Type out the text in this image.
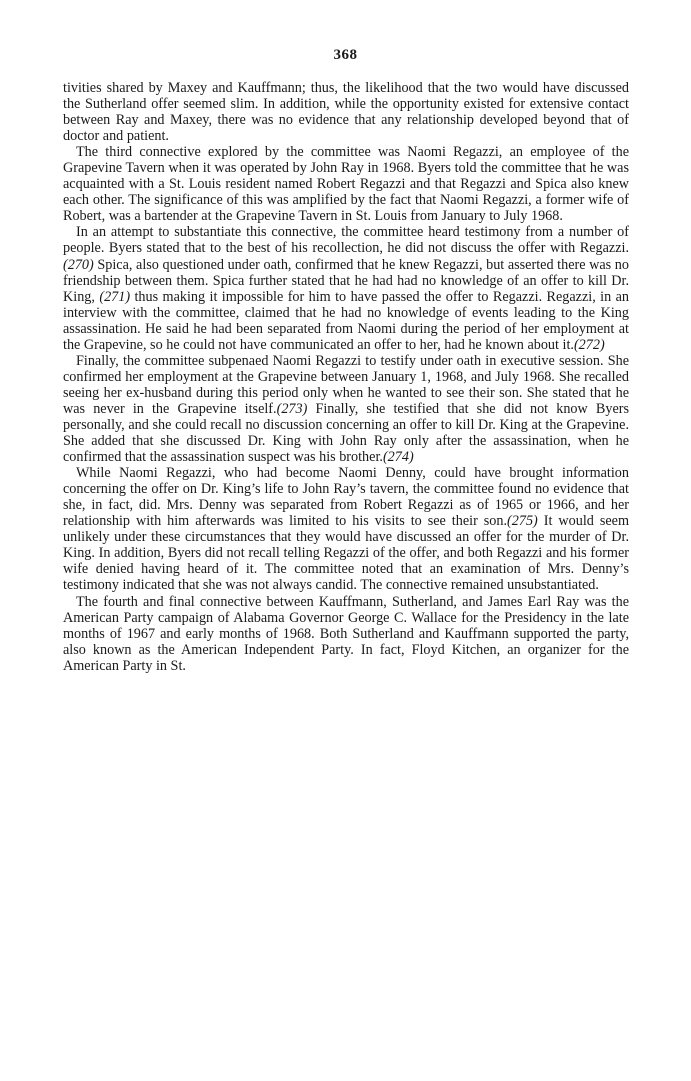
368

tivities shared by Maxey and Kauffmann; thus, the likelihood that the two would have discussed the Sutherland offer seemed slim. In addition, while the opportunity existed for extensive contact between Ray and Maxey, there was no evidence that any relationship developed beyond that of doctor and patient.

The third connective explored by the committee was Naomi Regazzi, an employee of the Grapevine Tavern when it was operated by John Ray in 1968. Byers told the committee that he was acquainted with a St. Louis resident named Robert Regazzi and that Regazzi and Spica also knew each other. The significance of this was amplified by the fact that Naomi Regazzi, a former wife of Robert, was a bartender at the Grapevine Tavern in St. Louis from January to July 1968.

In an attempt to substantiate this connective, the committee heard testimony from a number of people. Byers stated that to the best of his recollection, he did not discuss the offer with Regazzi.(270) Spica, also questioned under oath, confirmed that he knew Regazzi, but asserted there was no friendship between them. Spica further stated that he had had no knowledge of an offer to kill Dr. King, (271) thus making it impossible for him to have passed the offer to Regazzi. Regazzi, in an interview with the committee, claimed that he had no knowledge of events leading to the King assassination. He said he had been separated from Naomi during the period of her employment at the Grapevine, so he could not have communicated an offer to her, had he known about it.(272)

Finally, the committee subpenaed Naomi Regazzi to testify under oath in executive session. She confirmed her employment at the Grapevine between January 1, 1968, and July 1968. She recalled seeing her ex-husband during this period only when he wanted to see their son. She stated that he was never in the Grapevine itself.(273) Finally, she testified that she did not know Byers personally, and she could recall no discussion concerning an offer to kill Dr. King at the Grapevine. She added that she discussed Dr. King with John Ray only after the assassination, when he confirmed that the assassination suspect was his brother.(274)

While Naomi Regazzi, who had become Naomi Denny, could have brought information concerning the offer on Dr. King’s life to John Ray’s tavern, the committee found no evidence that she, in fact, did. Mrs. Denny was separated from Robert Regazzi as of 1965 or 1966, and her relationship with him afterwards was limited to his visits to see their son.(275) It would seem unlikely under these circumstances that they would have discussed an offer for the murder of Dr. King. In addition, Byers did not recall telling Regazzi of the offer, and both Regazzi and his former wife denied having heard of it. The committee noted that an examination of Mrs. Denny’s testimony indicated that she was not always candid. The connective remained unsubstantiated.

The fourth and final connective between Kauffmann, Sutherland, and James Earl Ray was the American Party campaign of Alabama Governor George C. Wallace for the Presidency in the late months of 1967 and early months of 1968. Both Sutherland and Kauffmann supported the party, also known as the American Independent Party. In fact, Floyd Kitchen, an organizer for the American Party in St.
